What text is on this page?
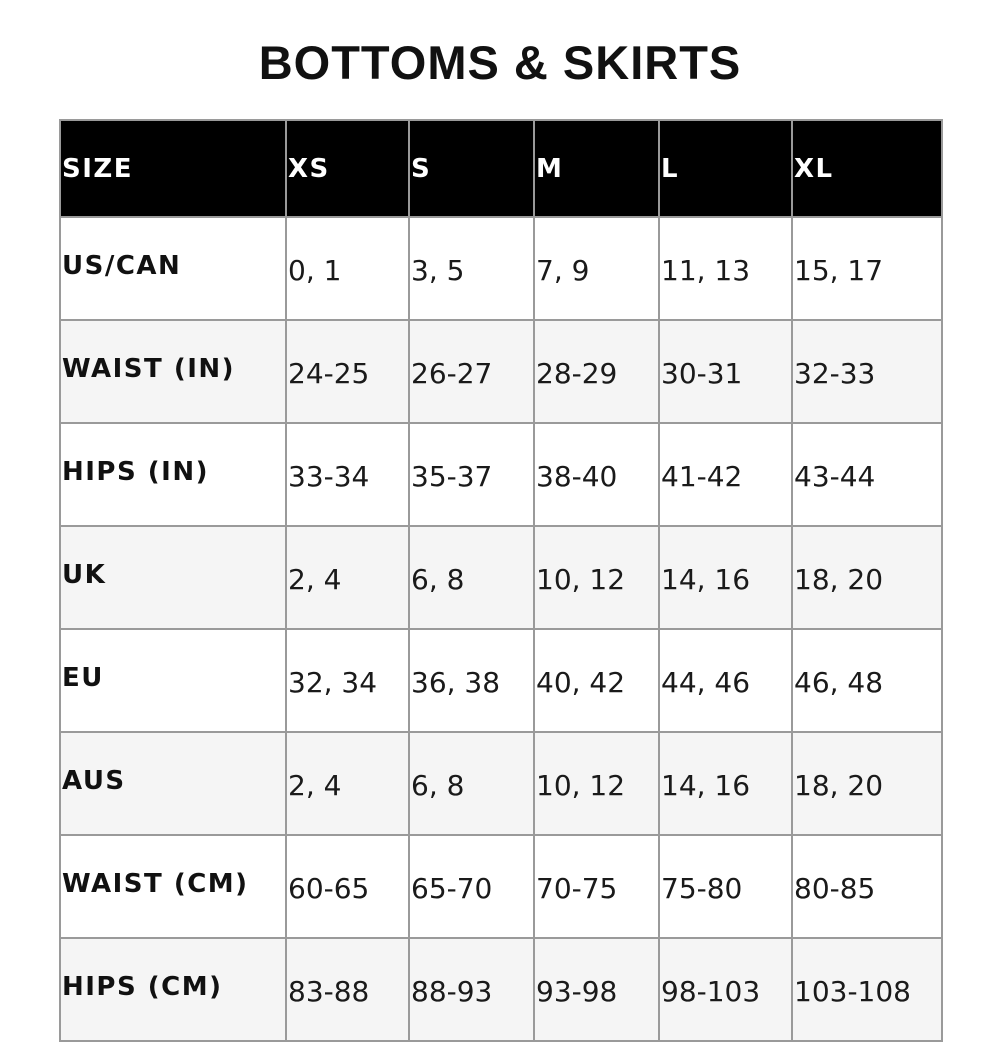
BOTTOMS & SKIRTS
SIZE	XS	S	M	L	XL
US/CAN	0, 1	3, 5	7, 9	11, 13	15, 17
WAIST (IN)	24-25	26-27	28-29	30-31	32-33
HIPS (IN)	33-34	35-37	38-40	41-42	43-44
UK	2, 4	6, 8	10, 12	14, 16	18, 20
EU	32, 34	36, 38	40, 42	44, 46	46, 48
AUS	2, 4	6, 8	10, 12	14, 16	18, 20
WAIST (CM)	60-65	65-70	70-75	75-80	80-85
HIPS (CM)	83-88	88-93	93-98	98-103	103-108
